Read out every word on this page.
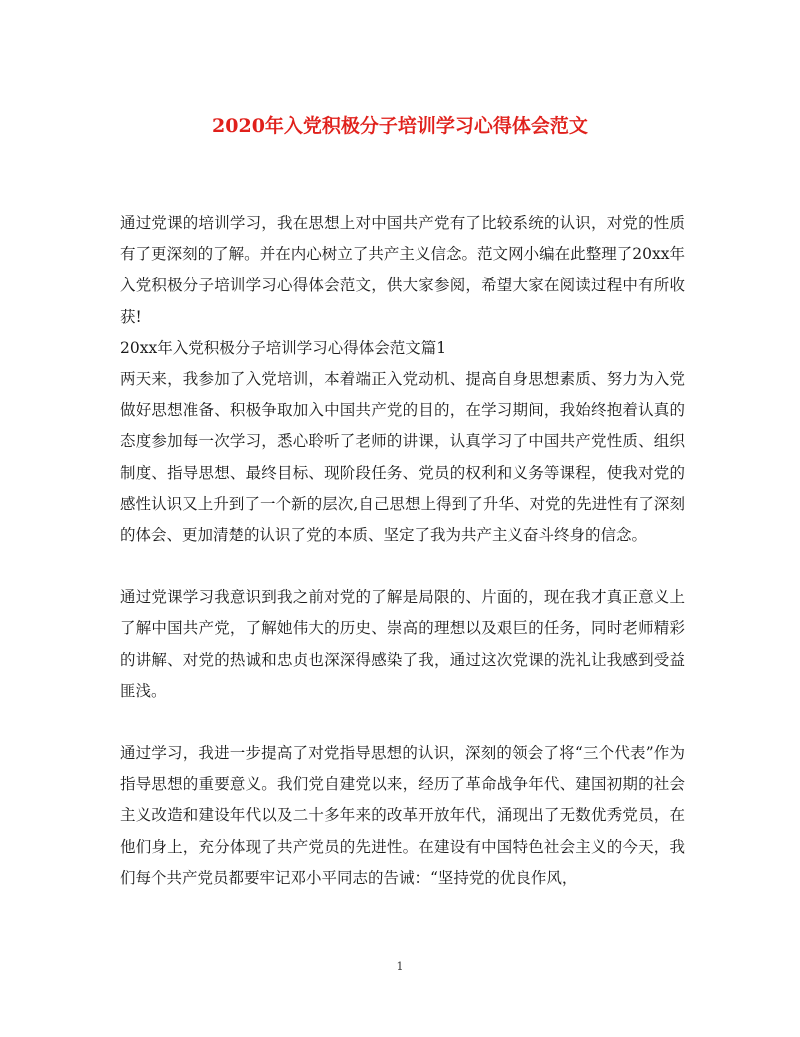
2020年入党积极分子培训学习心得体会范文

通过党课的培训学习，我在思想上对中国共产党有了比较系统的认识，对党的性质有了更深刻的了解。并在内心树立了共产主义信念。范文网小编在此整理了20xx年入党积极分子培训学习心得体会范文，供大家参阅，希望大家在阅读过程中有所收获!

20xx年入党积极分子培训学习心得体会范文篇1

两天来，我参加了入党培训，本着端正入党动机、提高自身思想素质、努力为入党做好思想准备、积极争取加入中国共产党的目的，在学习期间，我始终抱着认真的态度参加每一次学习，悉心聆听了老师的讲课，认真学习了中国共产党性质、组织制度、指导思想、最终目标、现阶段任务、党员的权利和义务等课程，使我对党的感性认识又上升到了一个新的层次,自己思想上得到了升华、对党的先进性有了深刻的体会、更加清楚的认识了党的本质、坚定了我为共产主义奋斗终身的信念。

通过党课学习我意识到我之前对党的了解是局限的、片面的，现在我才真正意义上了解中国共产党，了解她伟大的历史、崇高的理想以及艰巨的任务，同时老师精彩的讲解、对党的热诚和忠贞也深深得感染了我，通过这次党课的洗礼让我感到受益匪浅。

通过学习，我进一步提高了对党指导思想的认识，深刻的领会了将“三个代表”作为指导思想的重要意义。我们党自建党以来，经历了革命战争年代、建国初期的社会主义改造和建设年代以及二十多年来的改革开放年代，涌现出了无数优秀党员，在他们身上，充分体现了共产党员的先进性。在建设有中国特色社会主义的今天，我们每个共产党员都要牢记邓小平同志的告诫：“坚持党的优良作风，

1
